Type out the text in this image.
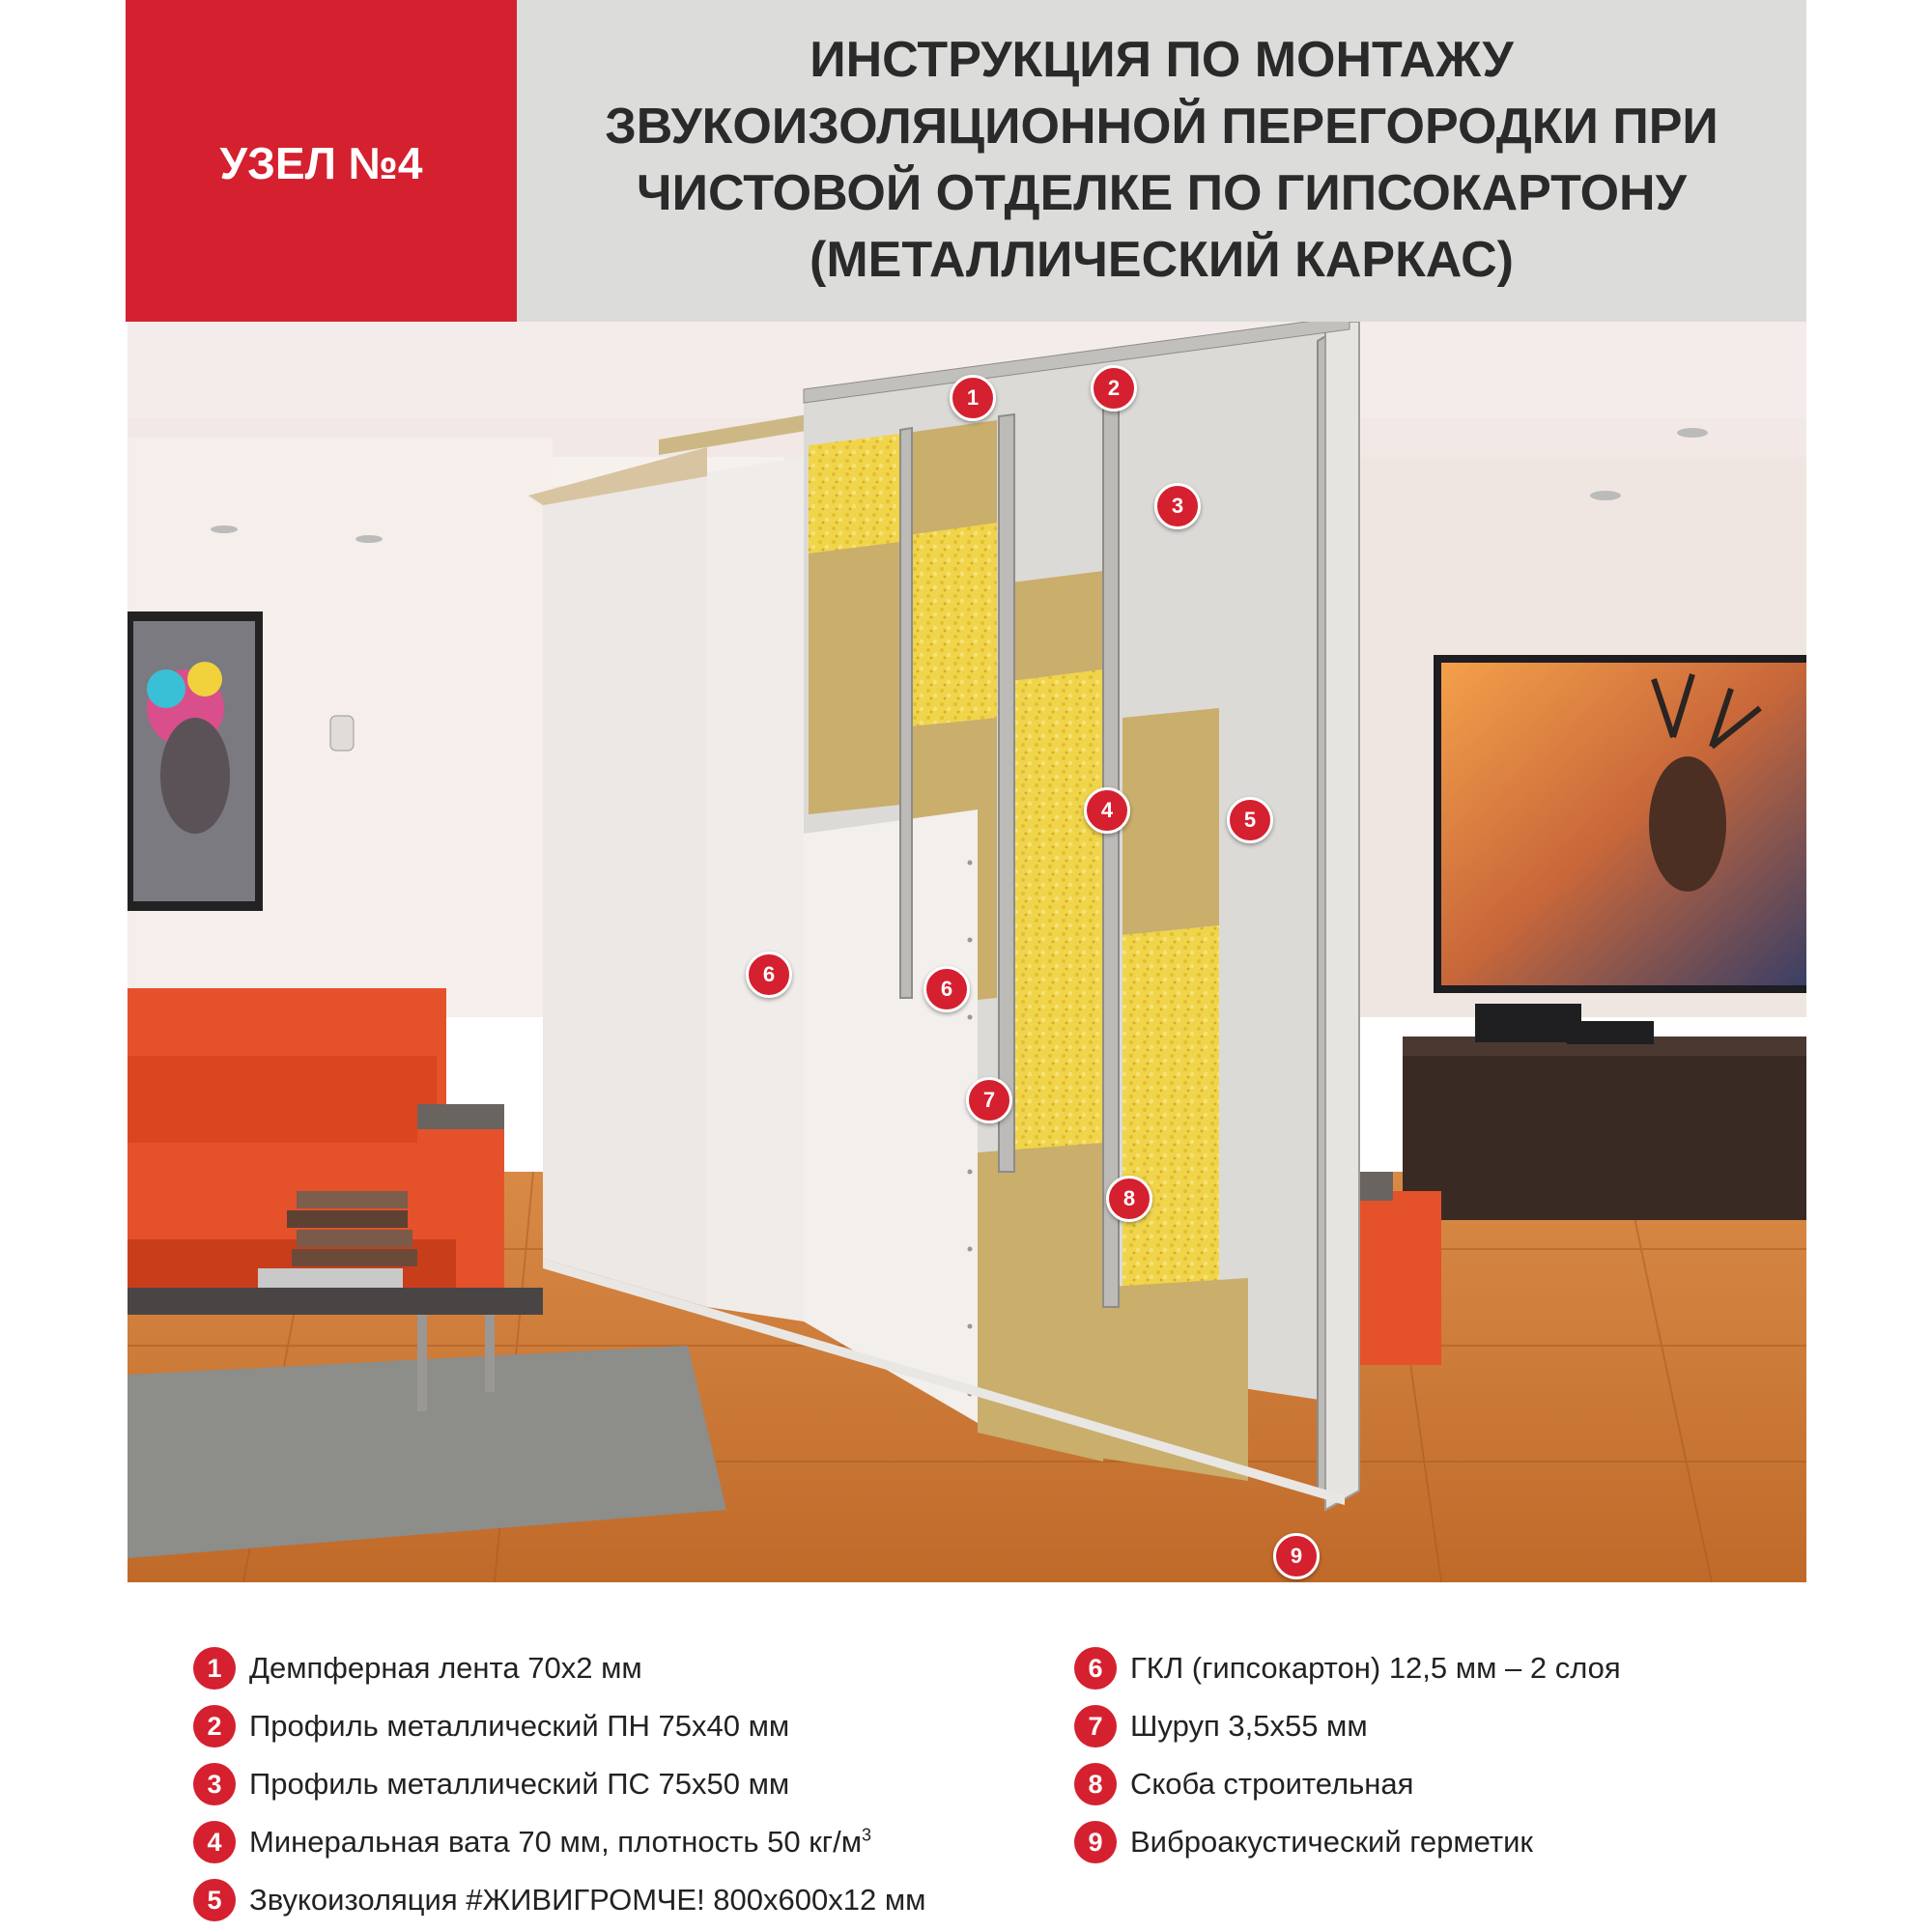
УЗЕЛ №4
ИНСТРУКЦИЯ ПО МОНТАЖУ
ЗВУКОИЗОЛЯЦИОННОЙ ПЕРЕГОРОДКИ ПРИ
ЧИСТОВОЙ ОТДЕЛКЕ ПО ГИПСОКАРТОНУ
(МЕТАЛЛИЧЕСКИЙ КАРКАС)
1	2
3
4	5
6
6
7
8
9
1 Демпферная лента 70х2 мм
2 Профиль металлический ПН 75х40 мм
3 Профиль металлический ПС 75х50 мм
4 Минеральная вата 70 мм, плотность 50 $кг/м^3$
5 Звукоизоляция #ЖИВИГРОМЧЕ! 800х600х12 мм
6 ГКЛ (гипсокартон) 12,5 мм – 2 слоя
7 Шуруп 3,5х55 мм
8 Скоба строительная
9 Виброакустический герметик
